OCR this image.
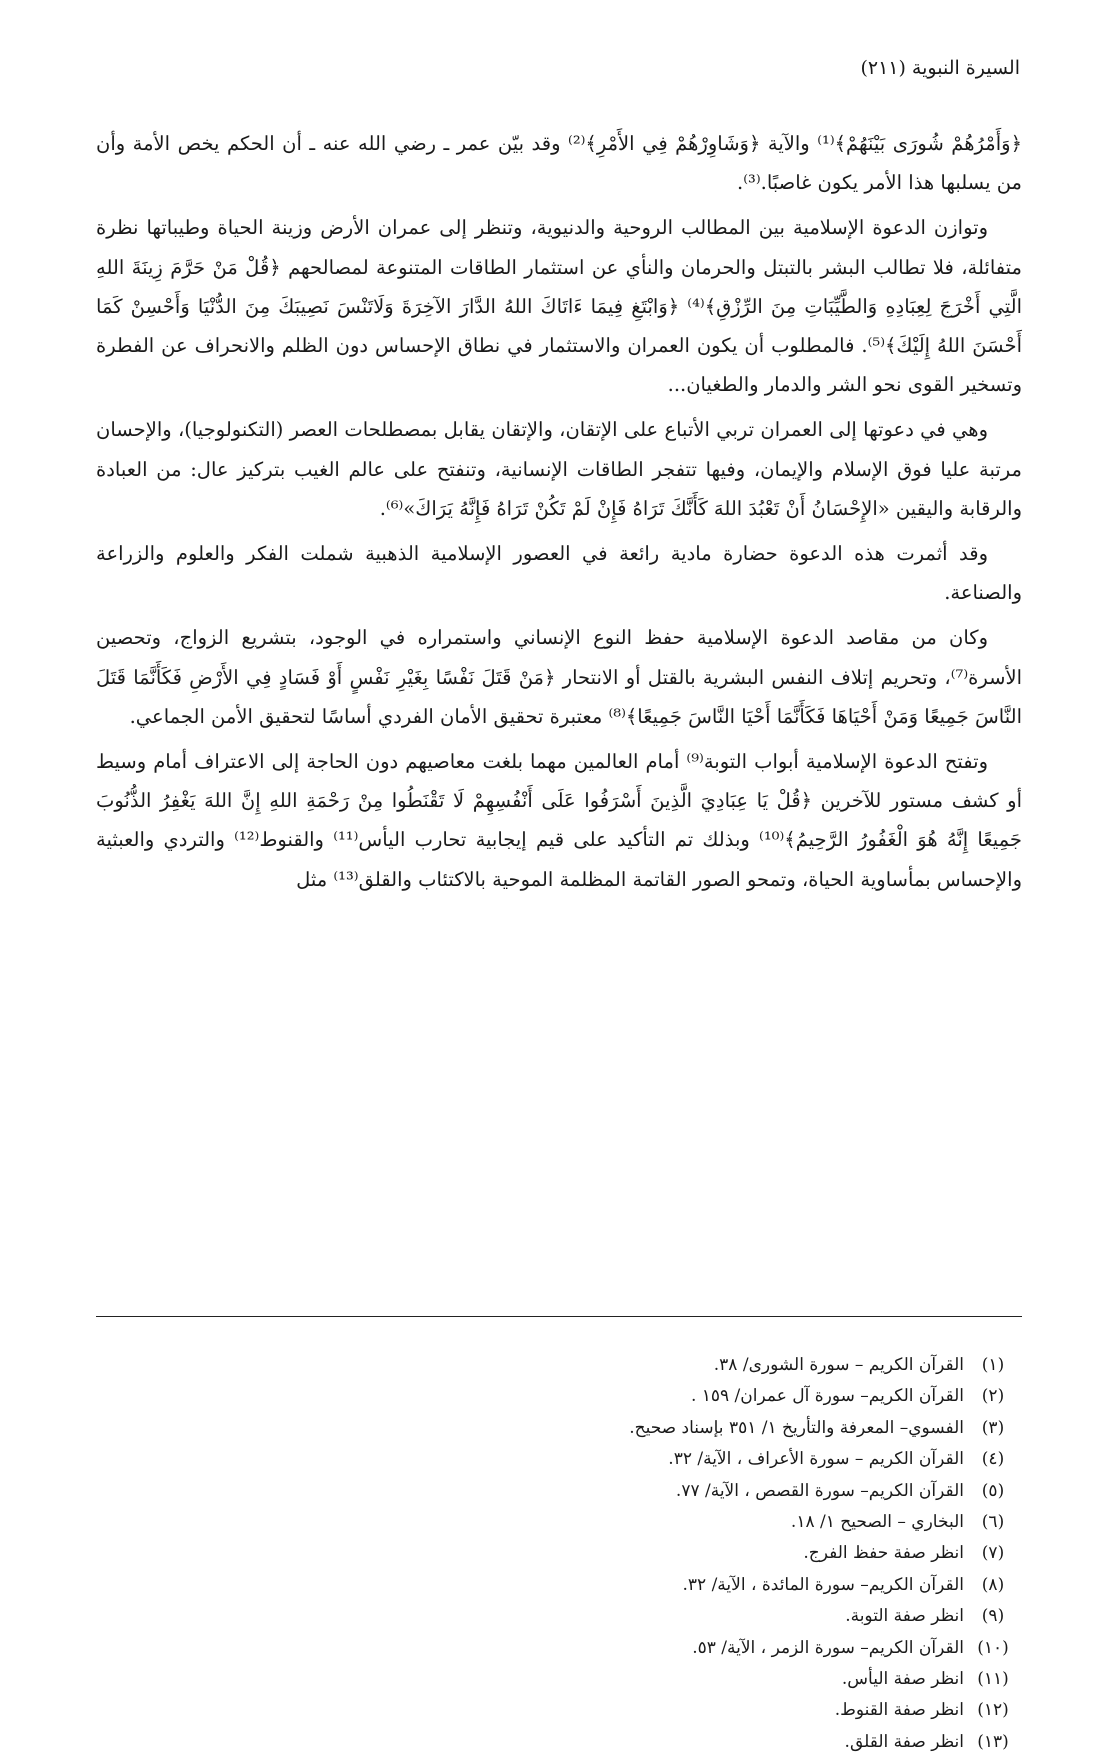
السيرة النبوية (٢١١)

﴿وَأَمْرُهُمْ شُورَى بَيْنَهُمْ﴾⁽¹⁾ والآية ﴿وَشَاوِرْهُمْ فِي الأَمْرِ﴾⁽²⁾ وقد بيّن عمر ـ رضي الله عنه ـ أن الحكم يخص الأمة وأن من يسلبها هذا الأمر يكون غاصبًا.⁽³⁾.

وتوازن الدعوة الإسلامية بين المطالب الروحية والدنيوية، وتنظر إلى عمران الأرض وزينة الحياة وطيباتها نظرة متفائلة، فلا تطالب البشر بالتبتل والحرمان والنأي عن استثمار الطاقات المتنوعة لمصالحهم ﴿قُلْ مَنْ حَرَّمَ زِينَةَ اللهِ الَّتِي أَخْرَجَ لِعِبَادِهِ وَالطَّيِّبَاتِ مِنَ الرِّزْقِ﴾⁽⁴⁾ ﴿وَابْتَغِ فِيمَا ءَاتَاكَ اللهُ الدَّارَ الآخِرَةَ وَلَاتَنْسَ نَصِيبَكَ مِنَ الدُّنْيَا وَأَحْسِنْ كَمَا أَحْسَنَ اللهُ إِلَيْكَ﴾⁽⁵⁾. فالمطلوب أن يكون العمران والاستثمار في نطاق الإحساس دون الظلم والانحراف عن الفطرة وتسخير القوى نحو الشر والدمار والطغيان...

وهي في دعوتها إلى العمران تربي الأتباع على الإتقان، والإتقان يقابل بمصطلحات العصر (التكنولوجيا)، والإحسان مرتبة عليا فوق الإسلام والإيمان، وفيها تتفجر الطاقات الإنسانية، وتنفتح على عالم الغيب بتركيز عال: من العبادة والرقابة واليقين «الإِحْسَانُ أَنْ تَعْبُدَ اللهَ كَأَنَّكَ تَرَاهُ فَإِنْ لَمْ تَكُنْ تَرَاهُ فَإِنَّهُ يَرَاكَ»⁽⁶⁾.

وقد أثمرت هذه الدعوة حضارة مادية رائعة في العصور الإسلامية الذهبية شملت الفكر والعلوم والزراعة والصناعة.

وكان من مقاصد الدعوة الإسلامية حفظ النوع الإنساني واستمراره في الوجود، بتشريع الزواج، وتحصين الأسرة⁽⁷⁾، وتحريم إتلاف النفس البشرية بالقتل أو الانتحار ﴿مَنْ قَتَلَ نَفْسًا بِغَيْرِ نَفْسٍ أَوْ فَسَادٍ فِي الأَرْضِ فَكَأَنَّمَا قَتَلَ النَّاسَ جَمِيعًا وَمَنْ أَحْيَاهَا فَكَأَنَّمَا أَحْيَا النَّاسَ جَمِيعًا﴾⁽⁸⁾ معتبرة تحقيق الأمان الفردي أساسًا لتحقيق الأمن الجماعي.

وتفتح الدعوة الإسلامية أبواب التوبة⁽⁹⁾ أمام العالمين مهما بلغت معاصيهم دون الحاجة إلى الاعتراف أمام وسيط أو كشف مستور للآخرين ﴿قُلْ يَا عِبَادِيَ الَّذِينَ أَسْرَفُوا عَلَى أَنْفُسِهِمْ لَا تَقْنَطُوا مِنْ رَحْمَةِ اللهِ إِنَّ اللهَ يَغْفِرُ الذُّنُوبَ جَمِيعًا إِنَّهُ هُوَ الْغَفُورُ الرَّحِيمُ﴾⁽¹⁰⁾ وبذلك تم التأكيد على قيم إيجابية تحارب اليأس⁽¹¹⁾ والقنوط⁽¹²⁾ والتردي والعبثية والإحساس بمأساوية الحياة، وتمحو الصور القاتمة المظلمة الموحية بالاكتئاب والقلق⁽¹³⁾ مثل

(١)
القرآن الكريم – سورة الشورى/ ٣٨.
(٢)
القرآن الكريم– سورة آل عمران/ ١٥٩ .
(٣)
الفسوي– المعرفة والتأريخ ١/ ٣٥١ بإسناد صحيح.
(٤)
القرآن الكريم – سورة الأعراف ، الآية/ ٣٢.
(٥)
القرآن الكريم– سورة القصص ، الآية/ ٧٧.
(٦)
البخاري – الصحيح ١/ ١٨.
(٧)
انظر صفة حفظ الفرج.
(٨)
القرآن الكريم– سورة المائدة ، الآية/ ٣٢.
(٩)
انظر صفة التوبة.
(١٠)
القرآن الكريم– سورة الزمر ، الآية/ ٥٣.
(١١)
انظر صفة اليأس.
(١٢)
انظر صفة القنوط.
(١٣)
انظر صفة القلق.
